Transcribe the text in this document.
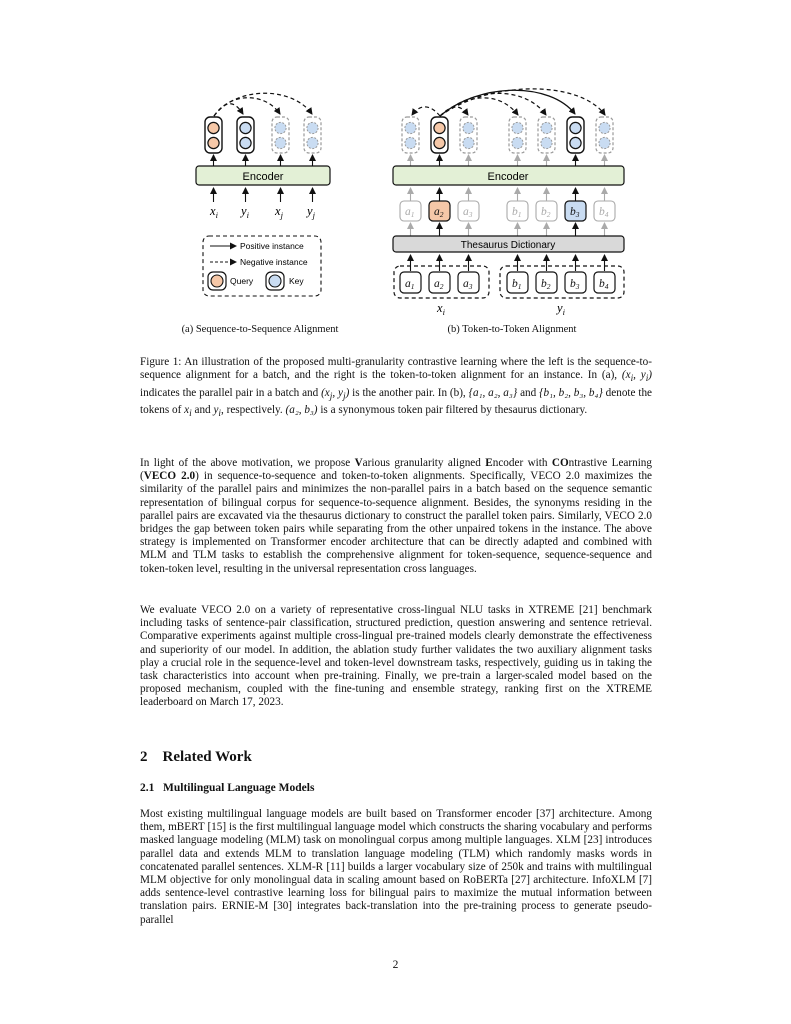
Encoder
$x_i$ $y_i$ $x_j$ $y_j$
Positive instance
Negative instance
Query	Key
Encoder
a1 a2 a3	b1 b2 b3 b4
Thesaurus Dictionary
a1 a2 a3	b1 b2 b3 b4
$x_i$	$y_i$
(a) Sequence-to-Sequence Alignment	(b) Token-to-Token Alignment

Figure 1: An illustration of the proposed multi-granularity contrastive learning where the left is the sequence-to-sequence alignment for a batch, and the right is the token-to-token alignment for an instance. In (a), ($x_i$, $y_i$) indicates the parallel pair in a batch and ($x_j$, $y_j$) is the another pair. In (b), {a₁, a₂, a₃} and {b₁, b₂, b₃, b₄} denote the tokens of $x_i$ and $y_i$, respectively. (a₂, b₃) is a synonymous token pair filtered by thesaurus dictionary.

In light of the above motivation, we propose Various granularity aligned Encoder with COntrastive Learning (VECO 2.0) in sequence-to-sequence and token-to-token alignments. Specifically, VECO 2.0 maximizes the similarity of the parallel pairs and minimizes the non-parallel pairs in a batch based on the sequence semantic representation of bilingual corpus for sequence-to-sequence alignment. Besides, the synonyms residing in the parallel pairs are excavated via the thesaurus dictionary to construct the parallel token pairs. Similarly, VECO 2.0 bridges the gap between token pairs while separating from the other unpaired tokens in the instance. The above strategy is implemented on Transformer encoder architecture that can be directly adapted and combined with MLM and TLM tasks to establish the comprehensive alignment for token-sequence, sequence-sequence and token-token level, resulting in the universal representation cross languages.

We evaluate VECO 2.0 on a variety of representative cross-lingual NLU tasks in XTREME [21] benchmark including tasks of sentence-pair classification, structured prediction, question answering and sentence retrieval. Comparative experiments against multiple cross-lingual pre-trained models clearly demonstrate the effectiveness and superiority of our model. In addition, the ablation study further validates the two auxiliary alignment tasks play a crucial role in the sequence-level and token-level downstream tasks, respectively, guiding us in taking the task characteristics into account when pre-training. Finally, we pre-train a larger-scaled model based on the proposed mechanism, coupled with the fine-tuning and ensemble strategy, ranking first on the XTREME leaderboard on March 17, 2023.

2 Related Work
2.1 Multilingual Language Models

Most existing multilingual language models are built based on Transformer encoder [37] architecture. Among them, mBERT [15] is the first multilingual language model which constructs the sharing vocabulary and performs masked language modeling (MLM) task on monolingual corpus among multiple languages. XLM [23] introduces parallel data and extends MLM to translation language modeling (TLM) which randomly masks words in concatenated parallel sentences. XLM-R [11] builds a larger vocabulary size of 250k and trains with multilingual MLM objective for only monolingual data in scaling amount based on RoBERTa [27] architecture. InfoXLM [7] adds sentence-level contrastive learning loss for bilingual pairs to maximize the mutual information between translation pairs. ERNIE-M [30] integrates back-translation into the pre-training process to generate pseudo-parallel

2
